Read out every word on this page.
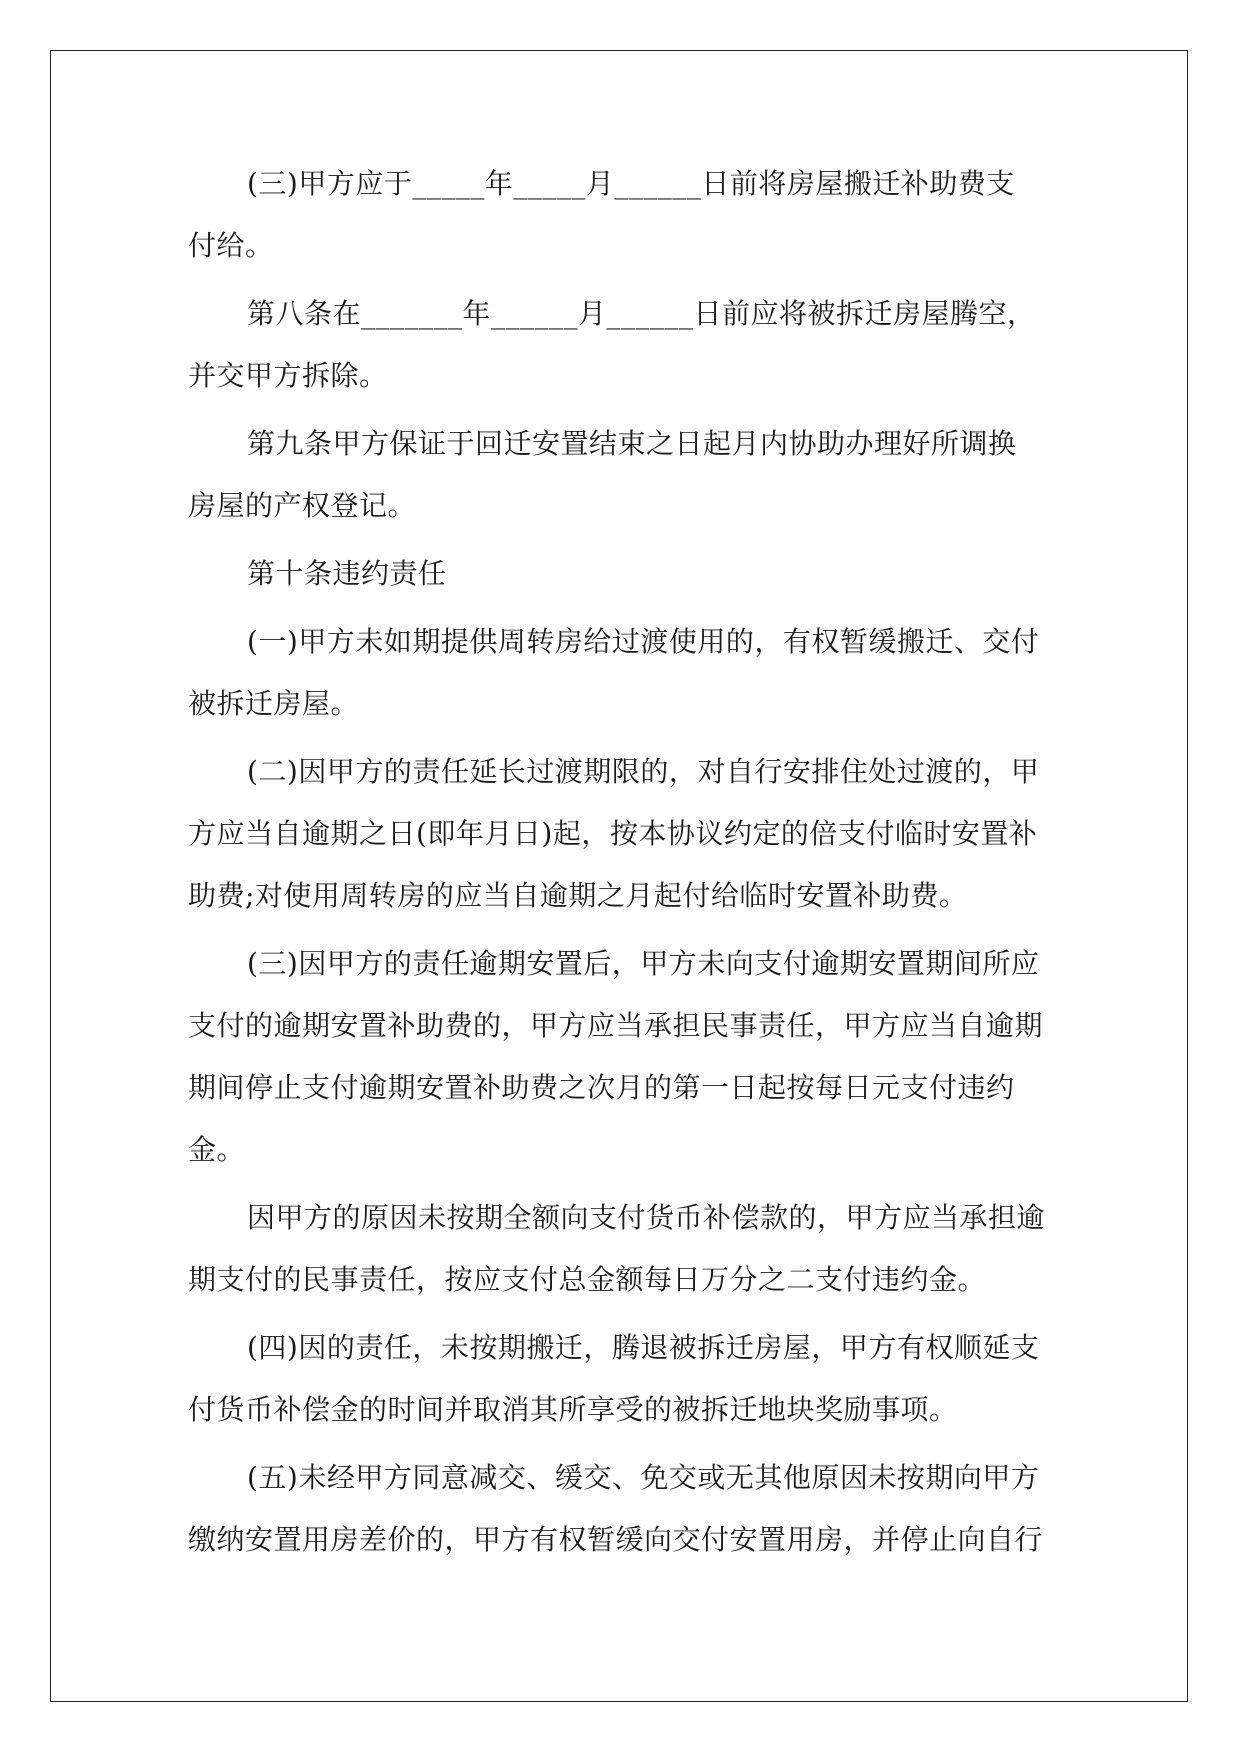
(三)甲方应于_____年_____月______日前将房屋搬迁补助费支
付给。
第八条在_______年______月______日前应将被拆迁房屋腾空，
并交甲方拆除。
第九条甲方保证于回迁安置结束之日起月内协助办理好所调换
房屋的产权登记。
第十条违约责任
(一)甲方未如期提供周转房给过渡使用的，有权暂缓搬迁、交付
被拆迁房屋。
(二)因甲方的责任延长过渡期限的，对自行安排住处过渡的，甲
方应当自逾期之日(即年月日)起，按本协议约定的倍支付临时安置补
助费;对使用周转房的应当自逾期之月起付给临时安置补助费。
(三)因甲方的责任逾期安置后，甲方未向支付逾期安置期间所应
支付的逾期安置补助费的，甲方应当承担民事责任，甲方应当自逾期
期间停止支付逾期安置补助费之次月的第一日起按每日元支付违约
金。
因甲方的原因未按期全额向支付货币补偿款的，甲方应当承担逾
期支付的民事责任，按应支付总金额每日万分之二支付违约金。
(四)因的责任，未按期搬迁，腾退被拆迁房屋，甲方有权顺延支
付货币补偿金的时间并取消其所享受的被拆迁地块奖励事项。
(五)未经甲方同意减交、缓交、免交或无其他原因未按期向甲方
缴纳安置用房差价的，甲方有权暂缓向交付安置用房，并停止向自行
